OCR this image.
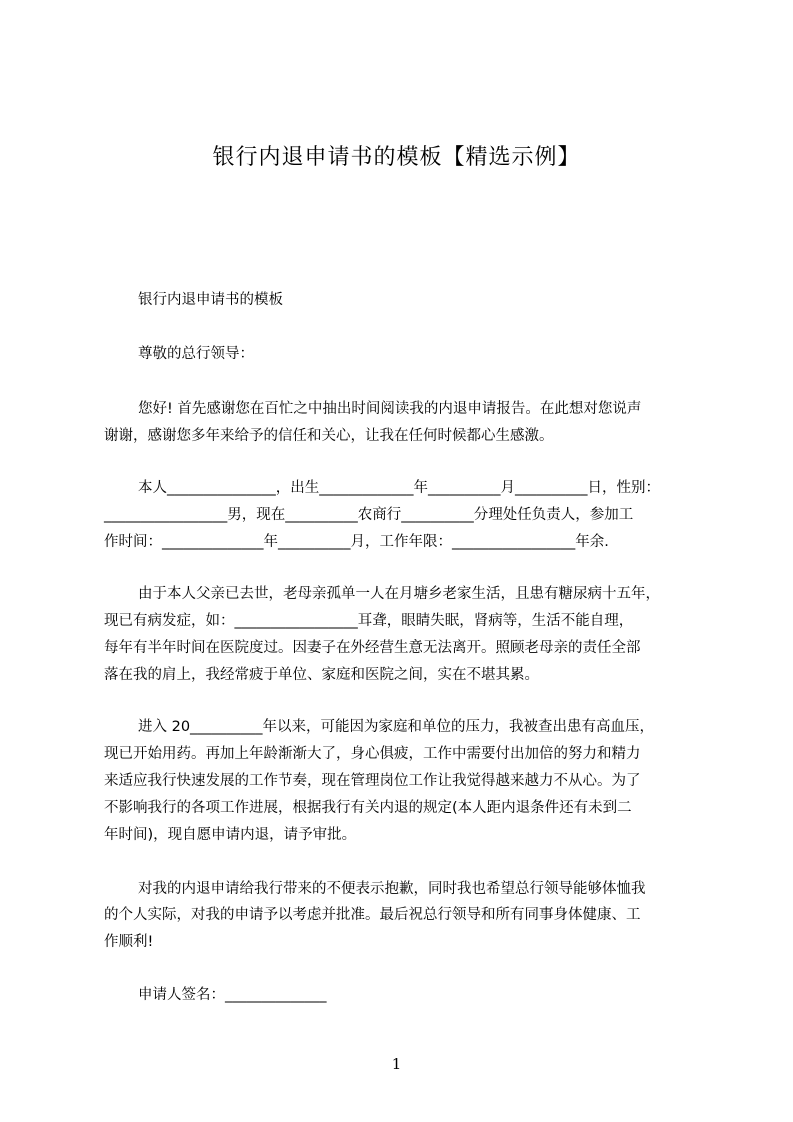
银行内退申请书的模板【精选示例】
银行内退申请书的模板
尊敬的总行领导：
您好! 首先感谢您在百忙之中抽出时间阅读我的内退申请报告。在此想对您说声
谢谢，感谢您多年来给予的信任和关心，让我在任何时候都心生感激。
本人_______________，出生_____________年__________月__________日，性别：
_________________男，现在__________农商行__________分理处任负责人，参加工
作时间：______________年__________月，工作年限：_________________年余.
由于本人父亲已去世，老母亲孤单一人在月塘乡老家生活，且患有糖尿病十五年，
现已有病发症，如：_________________耳聋，眼睛失眠，肾病等，生活不能自理，
每年有半年时间在医院度过。因妻子在外经营生意无法离开。照顾老母亲的责任全部
落在我的肩上，我经常疲于单位、家庭和医院之间，实在不堪其累。
进入 20__________年以来，可能因为家庭和单位的压力，我被查出患有高血压，
现已开始用药。再加上年龄渐渐大了，身心俱疲，工作中需要付出加倍的努力和精力
来适应我行快速发展的工作节奏，现在管理岗位工作让我觉得越来越力不从心。为了
不影响我行的各项工作进展，根据我行有关内退的规定(本人距内退条件还有未到二
年时间)，现自愿申请内退，请予审批。
对我的内退申请给我行带来的不便表示抱歉，同时我也希望总行领导能够体恤我
的个人实际，对我的申请予以考虑并批准。最后祝总行领导和所有同事身体健康、工
作顺利!
申请人签名：______________
1
